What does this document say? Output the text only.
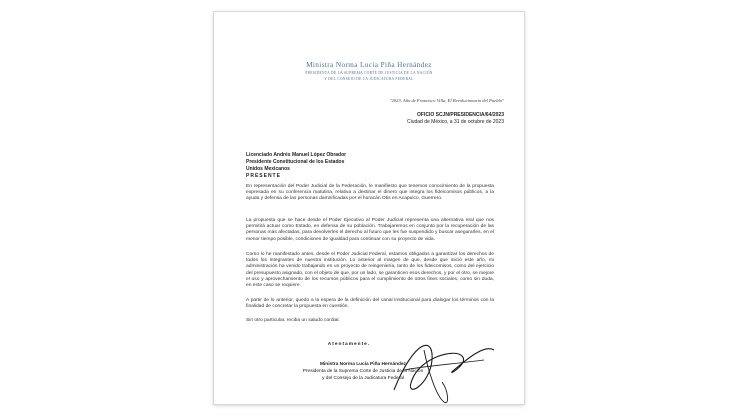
Ministra Norma Lucía Piña Hernández
PRESIDENTA DE LA SUPREMA CORTE DE JUSTICIA DE LA NACIÓN
Y DEL CONSEJO DE LA JUDICATURA FEDERAL
"2023, Año de Francisco Villa, El Revolucionario del Pueblo"
OFICIO SCJN/PRESIDENCIA/64/2023
Ciudad de México, a 31 de octubre de 2023
Licenciado Andrés Manuel López Obrador
Presidente Constitucional de los Estados
Unidos Mexicanos
PRESENTE

En representación del Poder Judicial de la Federación, le manifiesto que tenemos conocimiento de la propuesta expresada en su conferencia matutina, relativa a destinar el dinero que integra los fideicomisos públicos, a la ayuda y defensa de las personas damnificadas por el huracán Otis en Acapulco, Guerrero.

La propuesta que se hace desde el Poder Ejecutivo al Poder Judicial representa una alternativa real que nos permitirá actuar como Estado, en defensa de su población. Trabajaremos en conjunto por la recuperación de las personas más afectadas, para devolverles el derecho al futuro que les fue suspendido y buscar asegurarles, en el menor tiempo posible, condiciones de igualdad para continuar con su proyecto de vida.

Como lo he manifestado antes, desde el Poder Judicial Federal, estamos obligados a garantizar los derechos de todos los integrantes de nuestra institución. Lo anterior al margen de que, desde que inició este año, mi administración ha venido trabajando en un proyecto de reingeniería, tanto de los fideicomisos, como del ejercicio del presupuesto asignado, con el objeto de que, por un lado, se garanticen esos derechos, y por el otro, se mejore el uso y aprovechamiento de los recursos públicos para el cumplimiento de otros fines sociales, como sin duda, en este caso se requiere.

A partir de lo anterior, quedo a la espera de la definición del canal institucional para dialogar los términos con la finalidad de concretar la propuesta en cuestión.

Sin otro particular, reciba un saludo cordial.

Atentamente.
Ministra Norma Lucía Piña Hernández
Presidenta de la Suprema Corte de Justicia de la Nación
y del Consejo de la Judicatura Federal
